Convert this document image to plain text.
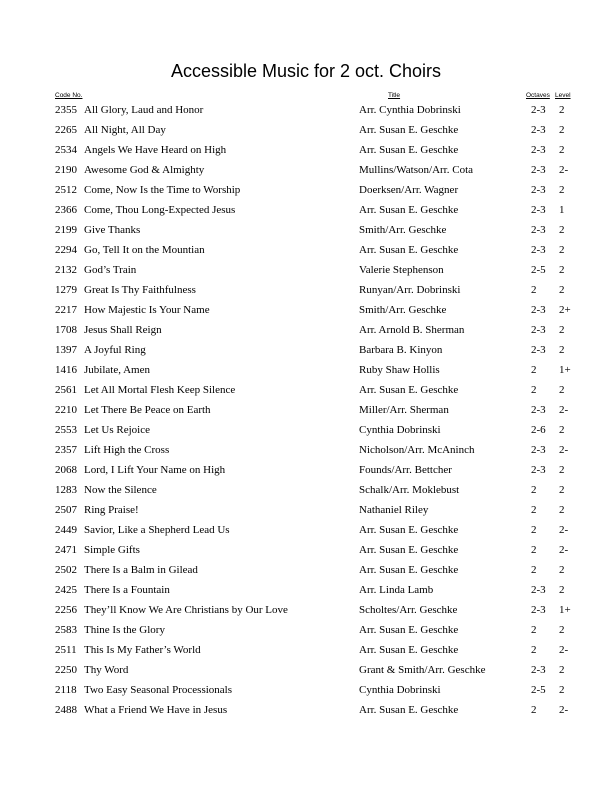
Accessible Music for 2 oct. Choirs
Code No.	Title	Octaves Level
2355 All Glory, Laud and Honor	Arr. Cynthia Dobrinski	2-3 2
2265 All Night, All Day	Arr. Susan E. Geschke	2-3 2
2534 Angels We Have Heard on High	Arr. Susan E. Geschke	2-3 2
2190 Awesome God & Almighty	Mullins/Watson/Arr. Cota	2-3 2-
2512 Come, Now Is the Time to Worship	Doerksen/Arr. Wagner	2-3 2
2366 Come, Thou Long-Expected Jesus	Arr. Susan E. Geschke	2-3 1
2199 Give Thanks	Smith/Arr. Geschke	2-3 2
2294 Go, Tell It on the Mountian	Arr. Susan E. Geschke	2-3 2
2132 God’s Train	Valerie Stephenson	2-5 2
1279 Great Is Thy Faithfulness	Runyan/Arr. Dobrinski	2 2
2217 How Majestic Is Your Name	Smith/Arr. Geschke	2-3 2+
1708 Jesus Shall Reign	Arr. Arnold B. Sherman	2-3 2
1397 A Joyful Ring	Barbara B. Kinyon	2-3 2
1416 Jubilate, Amen	Ruby Shaw Hollis	2 1+
2561 Let All Mortal Flesh Keep Silence	Arr. Susan E. Geschke	2 2
2210 Let There Be Peace on Earth	Miller/Arr. Sherman	2-3 2-
2553 Let Us Rejoice	Cynthia Dobrinski	2-6 2
2357 Lift High the Cross	Nicholson/Arr. McAninch	2-3 2-
2068 Lord, I Lift Your Name on High	Founds/Arr. Bettcher	2-3 2
1283 Now the Silence	Schalk/Arr. Moklebust	2 2
2507 Ring Praise!	Nathaniel Riley	2 2
2449 Savior, Like a Shepherd Lead Us	Arr. Susan E. Geschke	2 2-
2471 Simple Gifts	Arr. Susan E. Geschke	2 2-
2502 There Is a Balm in Gilead	Arr. Susan E. Geschke	2 2
2425 There Is a Fountain	Arr. Linda Lamb	2-3 2
2256 They’ll Know We Are Christians by Our Love	Scholtes/Arr. Geschke	2-3 1+
2583 Thine Is the Glory	Arr. Susan E. Geschke	2 2
2511 This Is My Father’s World	Arr. Susan E. Geschke	2 2-
2250 Thy Word	Grant & Smith/Arr. Geschke	2-3 2
2118 Two Easy Seasonal Processionals	Cynthia Dobrinski	2-5 2
2488 What a Friend We Have in Jesus	Arr. Susan E. Geschke	2 2-
